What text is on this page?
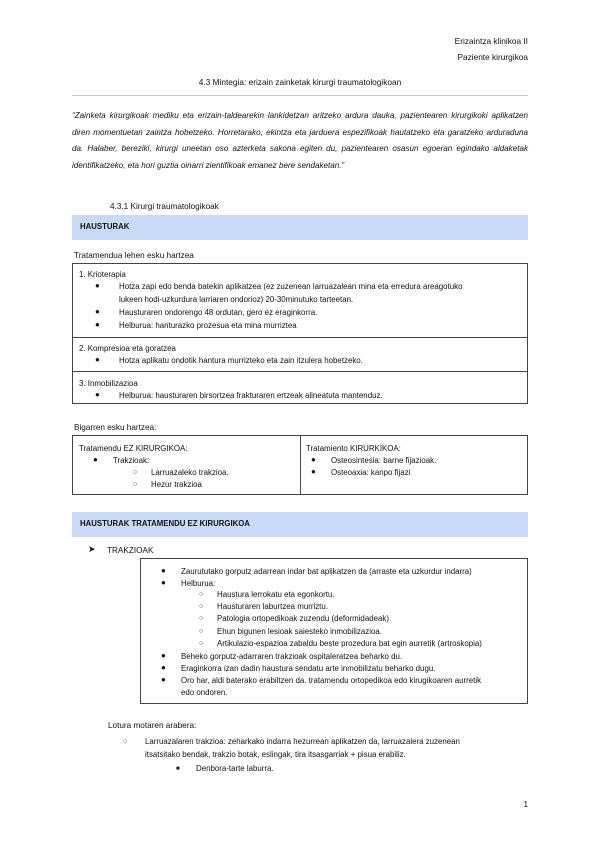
Erizaintza klinikoa II
Paziente kirurgikoa
4.3 Mintegia: erizain zainketak kirurgi traumatologikoan
“Zainketa kirurgikoak mediku eta erizain-taldearekin lankidetzan aritzeko ardura dauka, pazientearen kirurgikoki aplikatzen diren momentuetan zaintza hobetzeko. Horretarako, ekintza eta jarduera espezifikoak hautatzeko eta garatzeko arduraduna da. Halaber, bereziki, kirurgi uneetan oso azterketa sakona egiten du, pazientearen osasun egoeran egindako aldaketak identifikatzeko, eta hori guztia oinarri zientifikoak emanez bere sendaketan.”
4.3.1 Kirurgi traumatologikoak
HAUSTURAK
Tratamendua lehen esku hartzea
1. Krioterapia
● Hotza zapi edo benda batekin aplikatzea (ez zuzenean larruazalean mina eta erredura areagotuko
lukeen hodi-uzkurdura larriaren ondorioz) 20-30minutuko tarteetan.
● Hausturaren ondorengo 48 ordutan, gero ez eraginkorra.
● Helburua: hanturazko prozesua eta mina murriztea
2. Kompresioa eta goratzea
● Hotza aplikatu ondotik hantura murrizteko eta zain itzulera hobetzeko.
3. Inmobilizazioa
● Helburua: hausturaren birsortzea frakturaren ertzeak alineatuta mantenduz.
Bigarren esku hartzea:
Tratamendu EZ KIRURGIKOA:
● Trakzioak:
○ Larruazaleko trakzioa.
○ Hezur trakzioa
Tratamiento KIRURKIKOA:
● Osteosintesia: barne fijazioak.
● Osteoaxia: kanpo fijazi
HAUSTURAK TRATAMENDU EZ KIRURGIKOA
➤ TRAKZIOAK
● Zaurututako gorputz adarrean indar bat aplikatzen da (arraste eta uzkurdur indarra)
● Helburua:
○ Haustura lerrokatu eta egonkortu.
○ Hausturaren laburtzea murriztu.
○ Patologia ortopedikoak zuzendu (deformidadeak)
○ Ehun bigunen lesioak saiesteko inmobilizazioa.
○ Artikulazio-espazioa zabaldu beste prozedura bat egin aurretik (artroskopia)
● Beheko gorputz-adarraren trakzioak ospitaleratzea beharko du.
● Eraginkorra izan dadin haustura sendatu arte inmobilizatu beharko dugu.
● Oro har, aldi baterako erabiltzen da. tratamendu ortopedikoa edo kirugikoaren aurretik
edo ondoren.
Lotura motaren arabera:
○ Larruazalaren trakzioa: zeharkako indarra hezurrean aplikatzen da, larruazalera zuzenean
itsatsitako bendak, trakzio botak, eslingak, tira itsasgarriak + pisua erabiliz.
■ Denbora-tarte laburra.
1
